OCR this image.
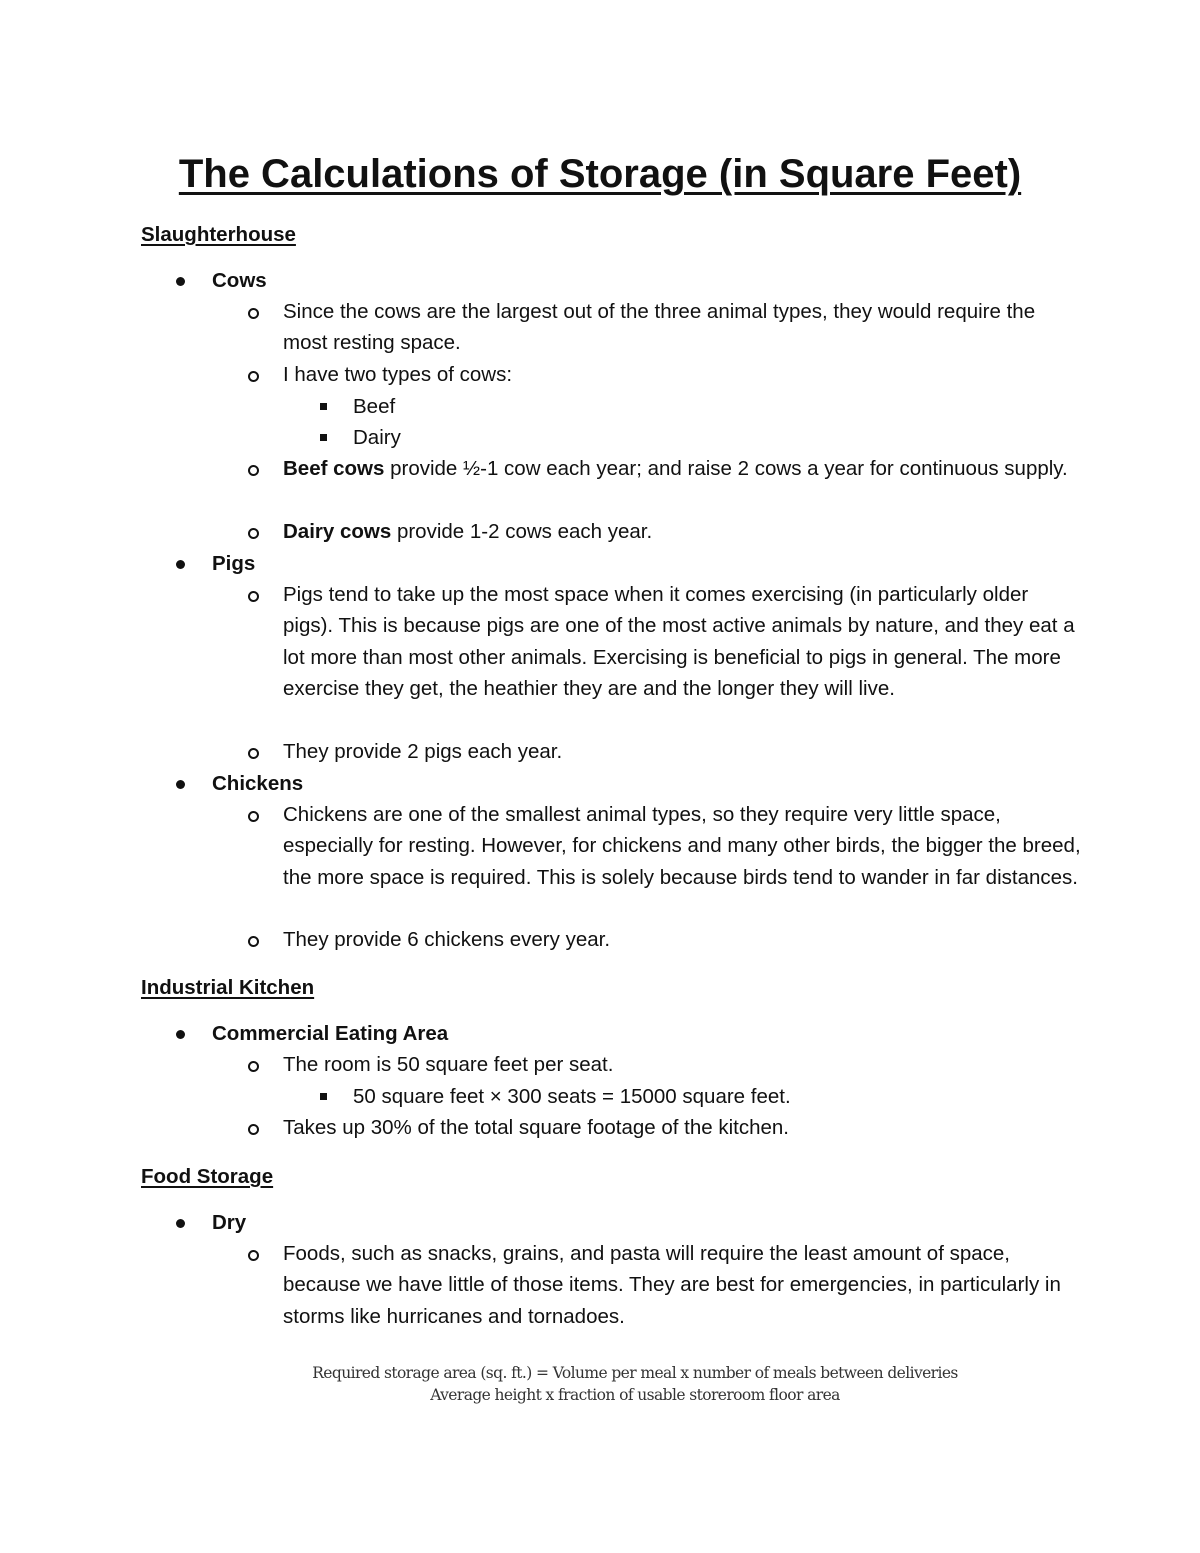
The Calculations of Storage (in Square Feet)
Slaughterhouse
Cows
Since the cows are the largest out of the three animal types, they would require the most resting space.
I have two types of cows:
Beef
Dairy
Beef cows provide ½-1 cow each year; and raise 2 cows a year for continuous supply.
Dairy cows provide 1-2 cows each year.
Pigs
Pigs tend to take up the most space when it comes exercising (in particularly older pigs). This is because pigs are one of the most active animals by nature, and they eat a lot more than most other animals. Exercising is beneficial to pigs in general. The more exercise they get, the heathier they are and the longer they will live.
They provide 2 pigs each year.
Chickens
Chickens are one of the smallest animal types, so they require very little space, especially for resting. However, for chickens and many other birds, the bigger the breed, the more space is required. This is solely because birds tend to wander in far distances.
They provide 6 chickens every year.
Industrial Kitchen
Commercial Eating Area
The room is 50 square feet per seat.
50 square feet × 300 seats = 15000 square feet.
Takes up 30% of the total square footage of the kitchen.
Food Storage
Dry
Foods, such as snacks, grains, and pasta will require the least amount of space, because we have little of those items. They are best for emergencies, in particularly in storms like hurricanes and tornadoes.
Required storage area (sq. ft.) = Volume per meal x number of meals between deliveries
Average height x fraction of usable storeroom floor area
